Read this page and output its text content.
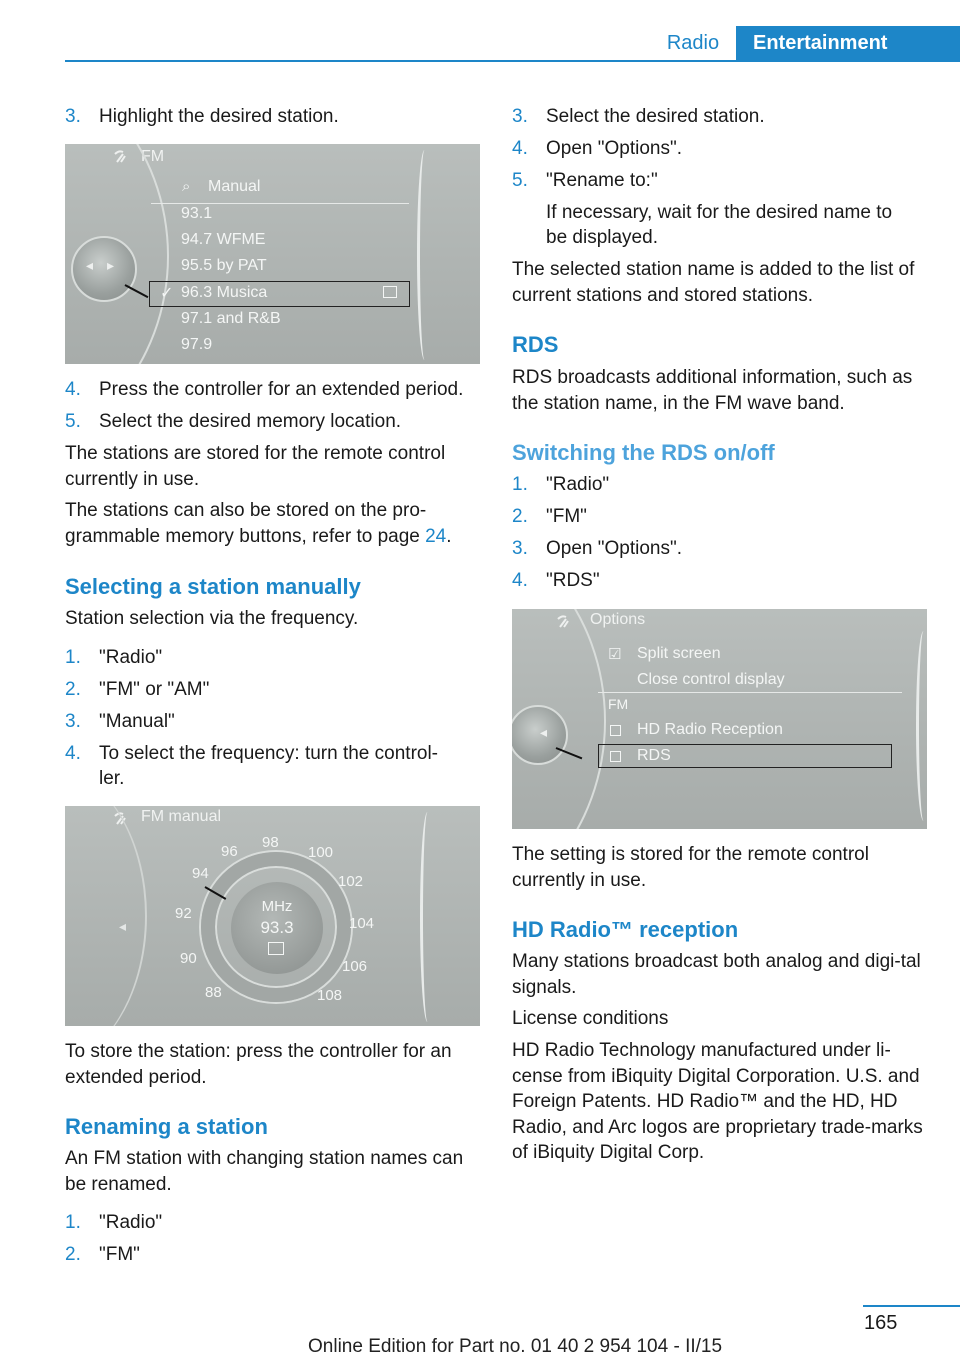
Radio	Entertainment
3. Highlight the desired station.
FM
◂ ▸
⌕ Manual
93.1
94.7 WFME
95.5 by PAT
✓ 96.3 Musica
97.1 and R&B
97.9
4. Press the controller for an extended period.
5. Select the desired memory location.

The stations are stored for the remote control currently in use.

The stations can also be stored on the pro‐grammable memory buttons, refer to page 24.

Selecting a station manually

Station selection via the frequency.

1. "Radio"
2. "FM" or "AM"
3. "Manual"
4. To select the frequency: turn the control‐
ler.
FM manual
◂
MHz
93.3
88
90
92
94
96
98
100
102
104
106
108

To store the station: press the controller for an extended period.

Renaming a station

An FM station with changing station names can be renamed.

1. "Radio"
2. "FM"
3. Select the desired station.
4. Open "Options".
5. "Rename to:"
If necessary, wait for the desired name to
be displayed.

The selected station name is added to the list of current stations and stored stations.

RDS

RDS broadcasts additional information, such as the station name, in the FM wave band.

Switching the RDS on/off
1. "Radio"
2. "FM"
3. Open "Options".
4. "RDS"
Options
◂
☑ Split screen
Close control display
FM
HD Radio Reception
RDS

The setting is stored for the remote control currently in use.

HD Radio™ reception

Many stations broadcast both analog and digi‐tal signals.

License conditions

HD Radio Technology manufactured under li‐cense from iBiquity Digital Corporation. U.S. and Foreign Patents. HD Radio™ and the HD, HD Radio, and Arc logos are proprietary trade‐marks of iBiquity Digital Corp.

165
Online Edition for Part no. 01 40 2 954 104 - II/15
